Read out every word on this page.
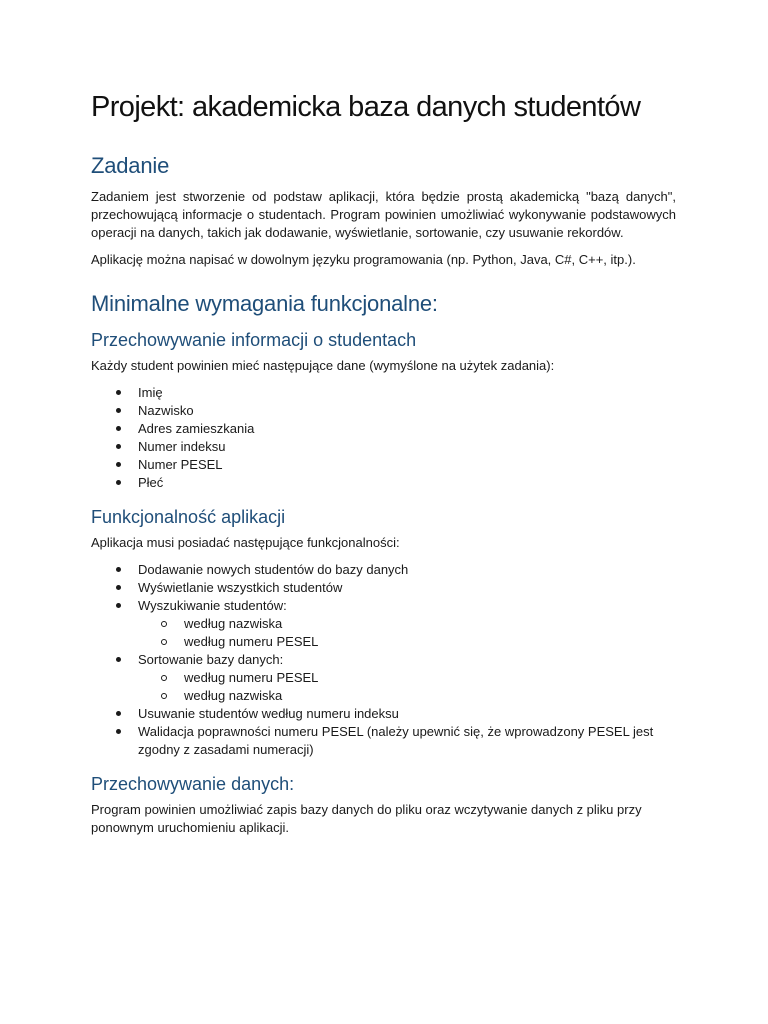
Projekt: akademicka baza danych studentów
Zadanie

Zadaniem jest stworzenie od podstaw aplikacji, która będzie prostą akademicką "bazą danych", przechowującą informacje o studentach. Program powinien umożliwiać wykonywanie podstawowych operacji na danych, takich jak dodawanie, wyświetlanie, sortowanie, czy usuwanie rekordów.

Aplikację można napisać w dowolnym języku programowania (np. Python, Java, C#, C++, itp.).

Minimalne wymagania funkcjonalne:
Przechowywanie informacji o studentach

Każdy student powinien mieć następujące dane (wymyślone na użytek zadania):

Imię
Nazwisko
Adres zamieszkania
Numer indeksu
Numer PESEL
Płeć
Funkcjonalność aplikacji

Aplikacja musi posiadać następujące funkcjonalności:

Dodawanie nowych studentów do bazy danych
Wyświetlanie wszystkich studentów
Wyszukiwanie studentów:
według nazwiska
według numeru PESEL
Sortowanie bazy danych:
według numeru PESEL
według nazwiska
Usuwanie studentów według numeru indeksu
Walidacja poprawności numeru PESEL (należy upewnić się, że wprowadzony PESEL jest zgodny z zasadami numeracji)
Przechowywanie danych:

Program powinien umożliwiać zapis bazy danych do pliku oraz wczytywanie danych z pliku przy ponownym uruchomieniu aplikacji.
